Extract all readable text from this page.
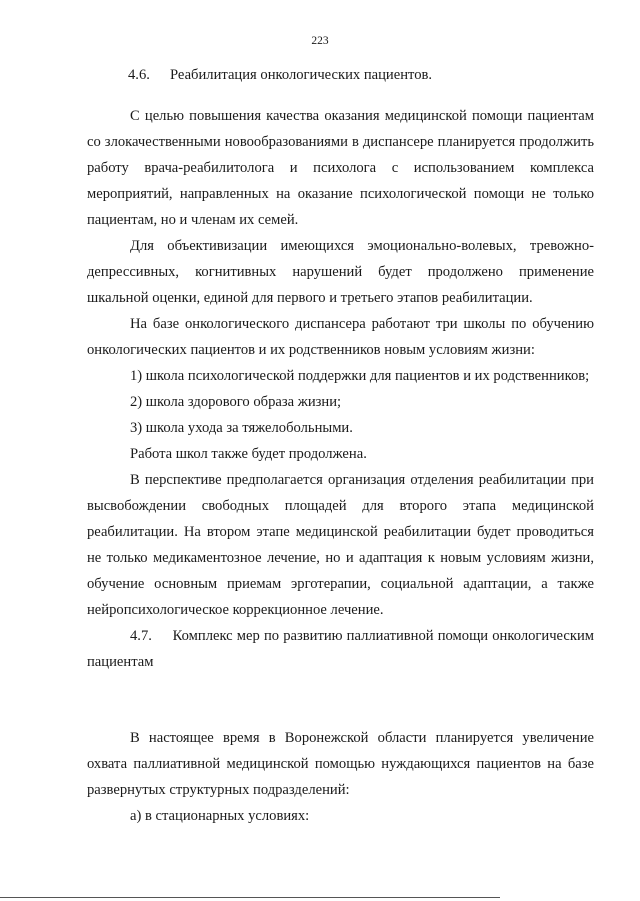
223
4.6. Реабилитация онкологических пациентов.

С целью повышения качества оказания медицинской помощи пациентам со злокачественными новообразованиями в диспансере планируется продолжить работу врача-реабилитолога и психолога с использованием комплекса мероприятий, направленных на оказание психологической помощи не только пациентам, но и членам их семей.

Для объективизации имеющихся эмоционально-волевых, тревожно-депрессивных, когнитивных нарушений будет продолжено применение шкальной оценки, единой для первого и третьего этапов реабилитации.

На базе онкологического диспансера работают три школы по обучению онкологических пациентов и их родственников новым условиям жизни:

1) школа психологической поддержки для пациентов и их родственников;

2) школа здорового образа жизни;

3) школа ухода за тяжелобольными.

Работа школ также будет продолжена.

В перспективе предполагается организация отделения реабилитации при высвобождении свободных площадей для второго этапа медицинской реабилитации. На втором этапе медицинской реабилитации будет проводиться не только медикаментозное лечение, но и адаптация к новым условиям жизни, обучение основным приемам эрготерапии, социальной адаптации, а также нейропсихологическое коррекционное лечение.

4.7. Комплекс мер по развитию паллиативной помощи онкологическим пациентам

В настоящее время в Воронежской области планируется увеличение охвата паллиативной медицинской помощью нуждающихся пациентов на базе развернутых структурных подразделений:

а) в стационарных условиях:
